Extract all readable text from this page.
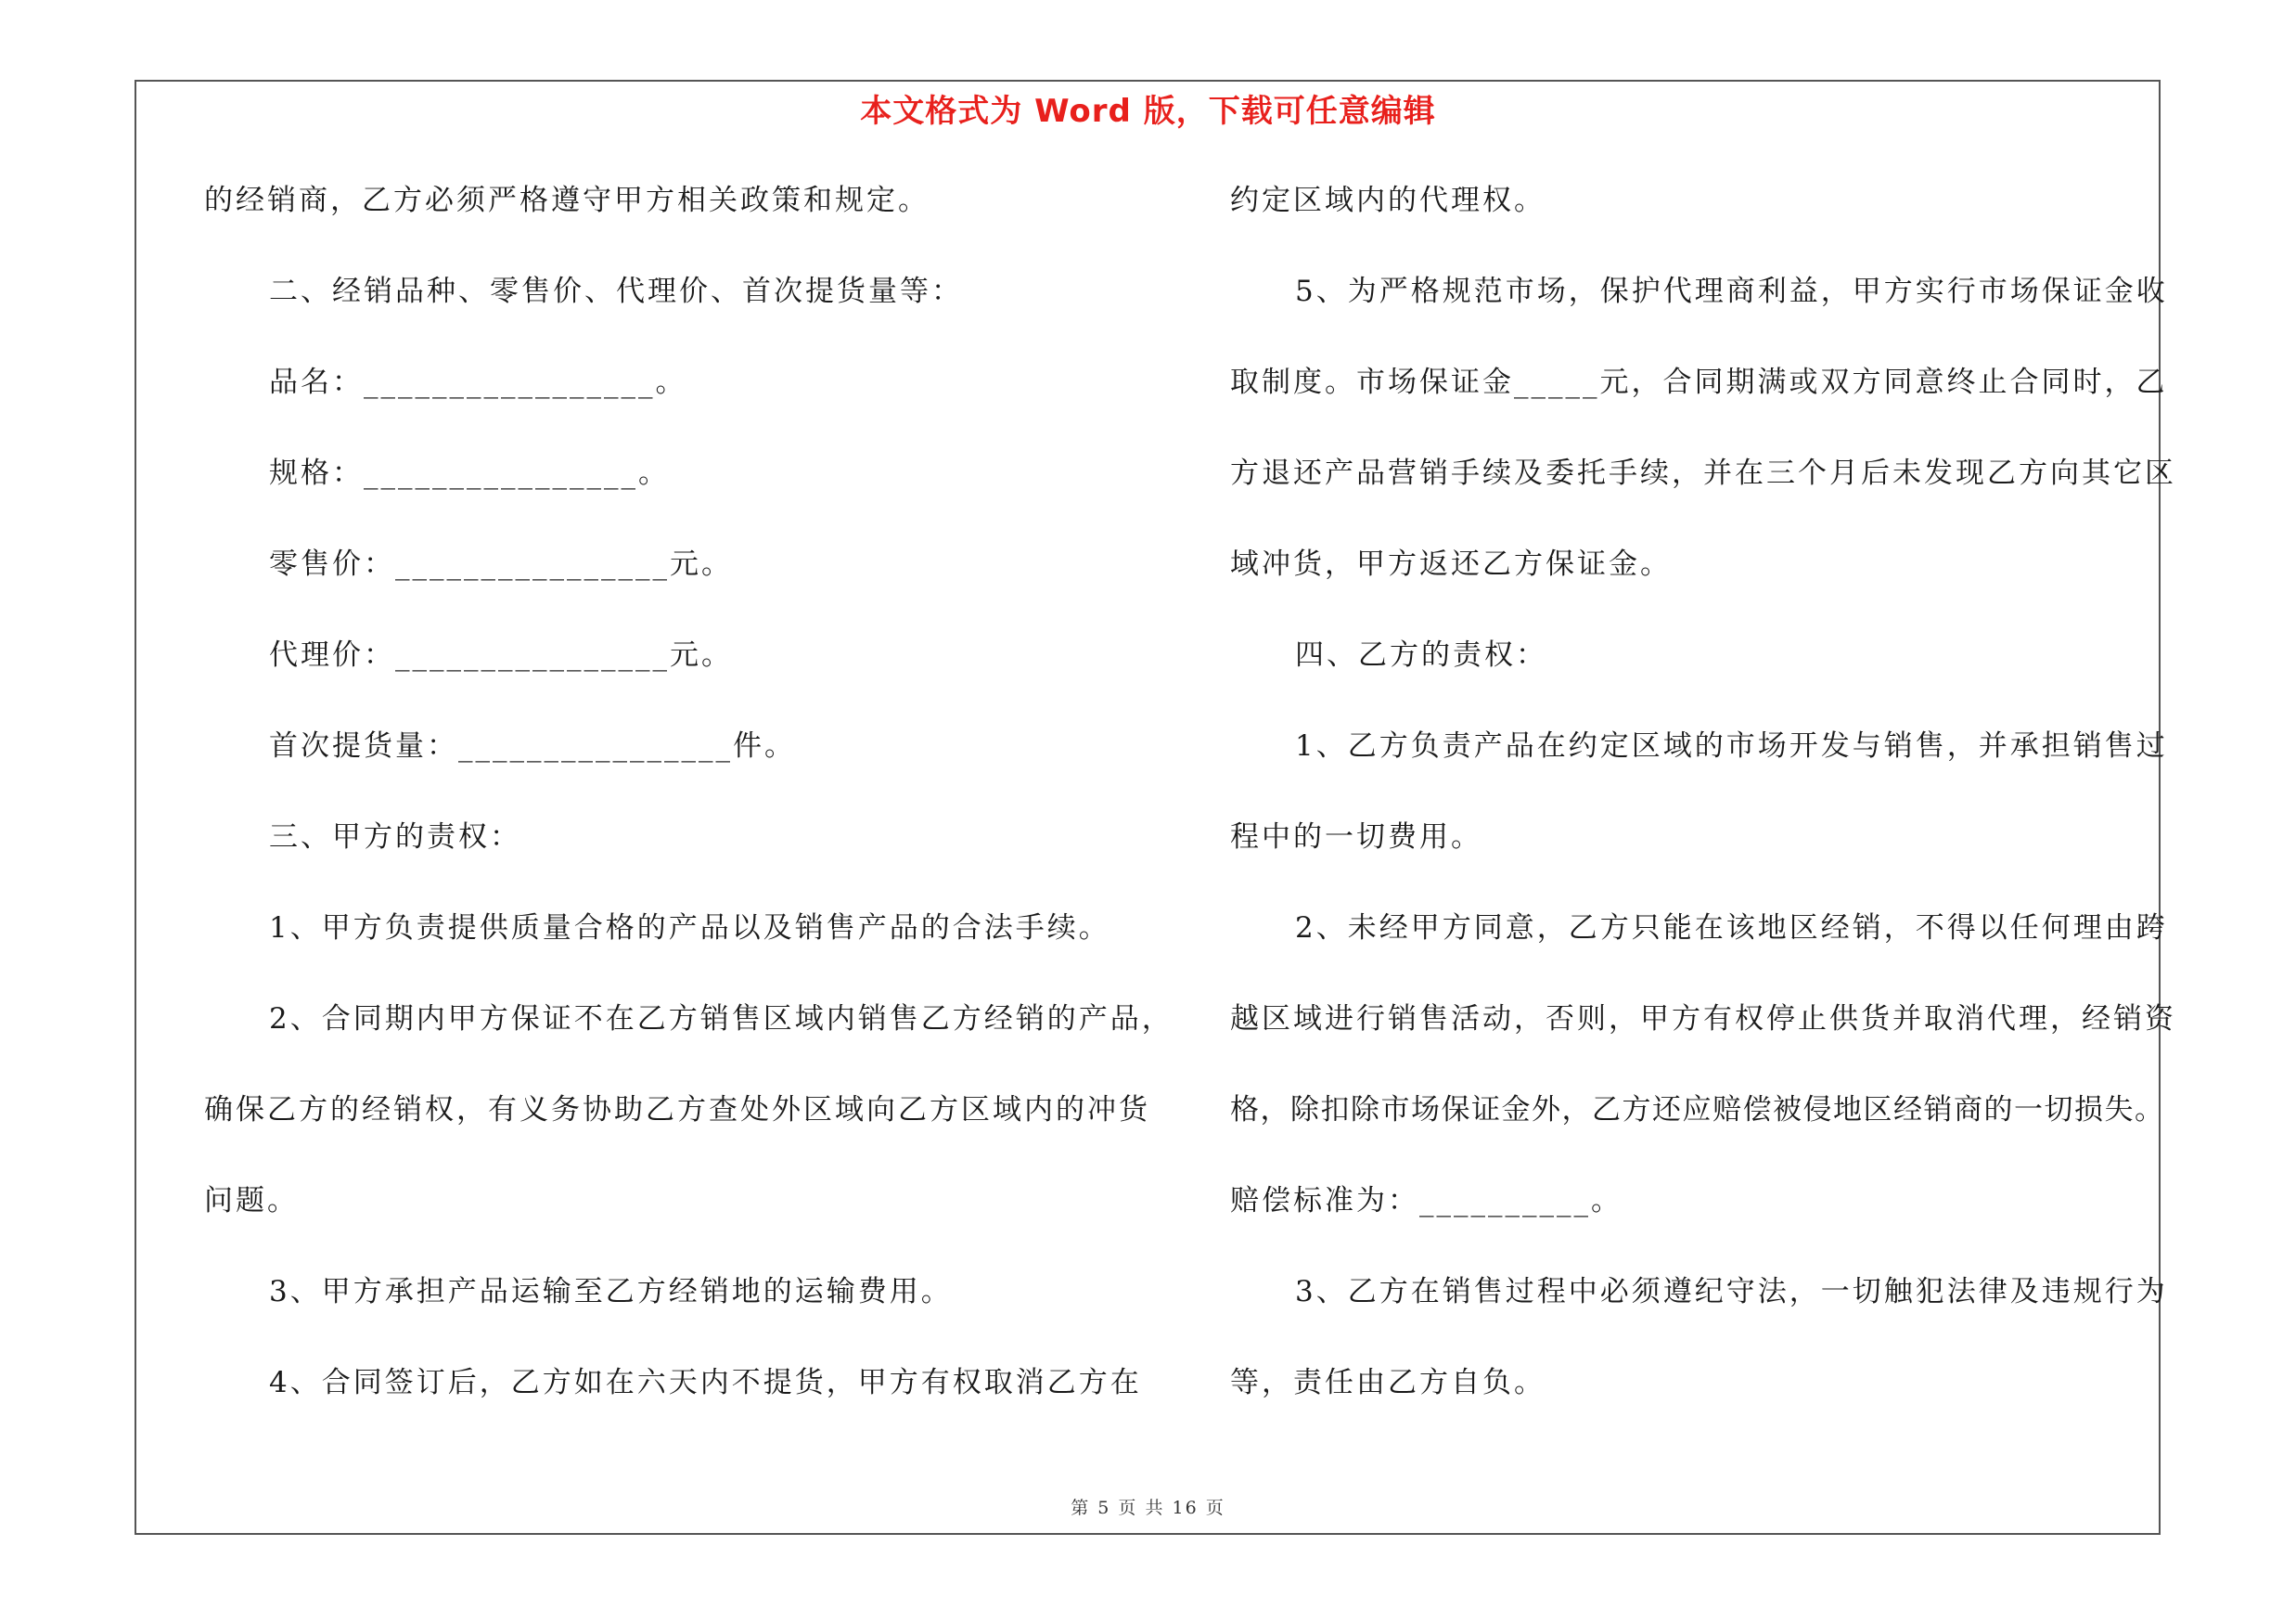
本文格式为 Word 版，下载可任意编辑
的经销商，乙方必须严格遵守甲方相关政策和规定。
二、经销品种、零售价、代理价、首次提货量等：
品名：_________________。
规格：________________。
零售价：________________元。
代理价：________________元。
首次提货量：________________件。
三、甲方的责权：
1、甲方负责提供质量合格的产品以及销售产品的合法手续。
2、合同期内甲方保证不在乙方销售区域内销售乙方经销的产品，
确保乙方的经销权，有义务协助乙方查处外区域向乙方区域内的冲货
问题。
3、甲方承担产品运输至乙方经销地的运输费用。
4、合同签订后，乙方如在六天内不提货，甲方有权取消乙方在
约定区域内的代理权。
5、为严格规范市场，保护代理商利益，甲方实行市场保证金收
取制度。市场保证金_____元，合同期满或双方同意终止合同时，乙
方退还产品营销手续及委托手续，并在三个月后未发现乙方向其它区
域冲货，甲方返还乙方保证金。
四、乙方的责权：
1、乙方负责产品在约定区域的市场开发与销售，并承担销售过
程中的一切费用。
2、未经甲方同意，乙方只能在该地区经销，不得以任何理由跨
越区域进行销售活动，否则，甲方有权停止供货并取消代理，经销资
格，除扣除市场保证金外，乙方还应赔偿被侵地区经销商的一切损失。
赔偿标准为：__________。
3、乙方在销售过程中必须遵纪守法，一切触犯法律及违规行为
等，责任由乙方自负。
第 5 页 共 16 页
